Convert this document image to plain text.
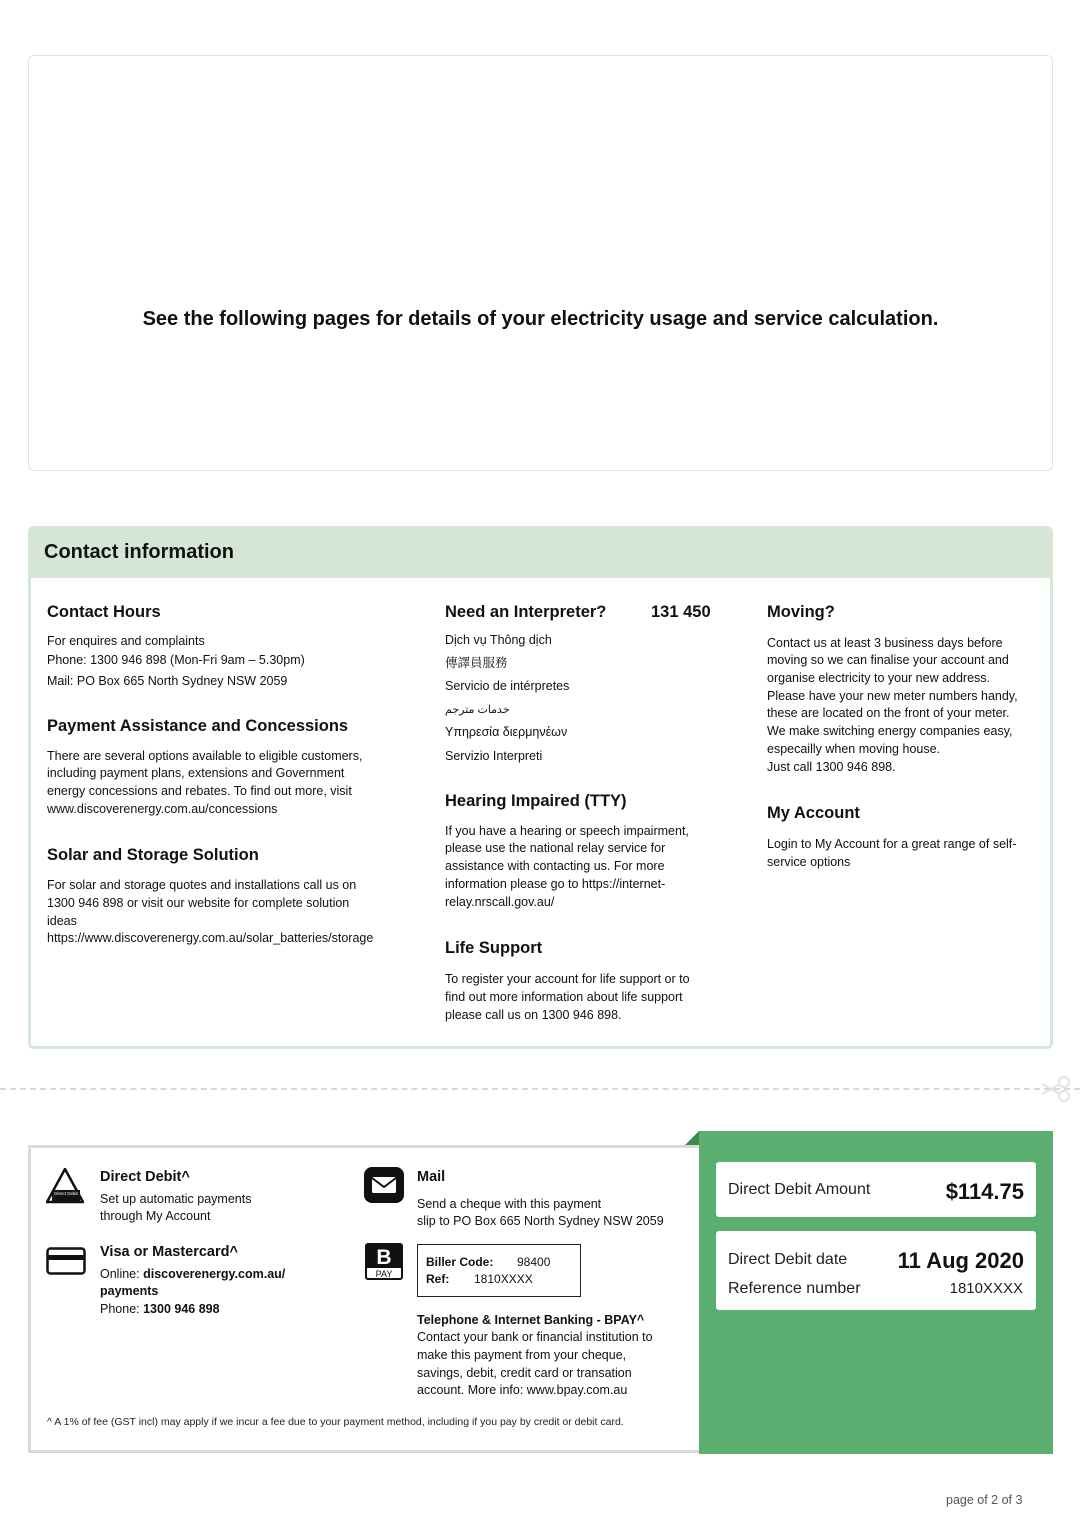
See the following pages for details of your electricity usage and service calculation.
Contact information
Contact Hours
For enquires and complaints
Phone: 1300 946 898 (Mon-Fri 9am – 5.30pm)
Mail: PO Box 665 North Sydney NSW 2059
Payment Assistance and Concessions
There are several options available to eligible customers,
including payment plans, extensions and Government
energy concessions and rebates. To find out more, visit
www.discoverenergy.com.au/concessions
Solar and Storage Solution
For solar and storage quotes and installations call us on
1300 946 898 or visit our website for complete solution
ideas
https://www.discoverenergy.com.au/solar_batteries/storage
Need an Interpreter?	131 450
Dịch vụ Thông dịch
傳譯員服務
Servicio de intérpretes
خدمات مترجم
Υπηρεσία διερμηνέων
Servizio Interpreti
Hearing Impaired (TTY)
If you have a hearing or speech impairment,
please use the national relay service for
assistance with contacting us. For more
information please go to https://internet-
relay.nrscall.gov.au/
Life Support
To register your account for life support or to
find out more information about life support
please call us on 1300 946 898.
Moving?
Contact us at least 3 business days before
moving so we can finalise your account and
organise electricity to your new address.
Please have your new meter numbers handy,
these are located on the front of your meter.
We make switching energy companies easy,
especailly when moving house.
Just call 1300 946 898.
My Account
Login to My Account for a great range of self-
service options
Direct Debit
Direct Debit^
Set up automatic payments
through My Account
Visa or Mastercard^
Online: discoverenergy.com.au/
payments
Phone: 1300 946 898
Mail
Send a cheque with this payment
slip to PO Box 665 North Sydney NSW 2059
B
PAY
Biller Code: 98400
Ref: 1810XXXX
Telephone & Internet Banking - BPAY^
Contact your bank or financial institution to
make this payment from your cheque,
savings, debit, credit card or transation
account. More info: www.bpay.com.au
^ A 1% of fee (GST incl) may apply if we incur a fee due to your payment method, including if you pay by credit or debit card.
Direct Debit Amount	$114.75
Direct Debit date 11 Aug 2020
Reference number	1810XXXX
page of 2 of 3
